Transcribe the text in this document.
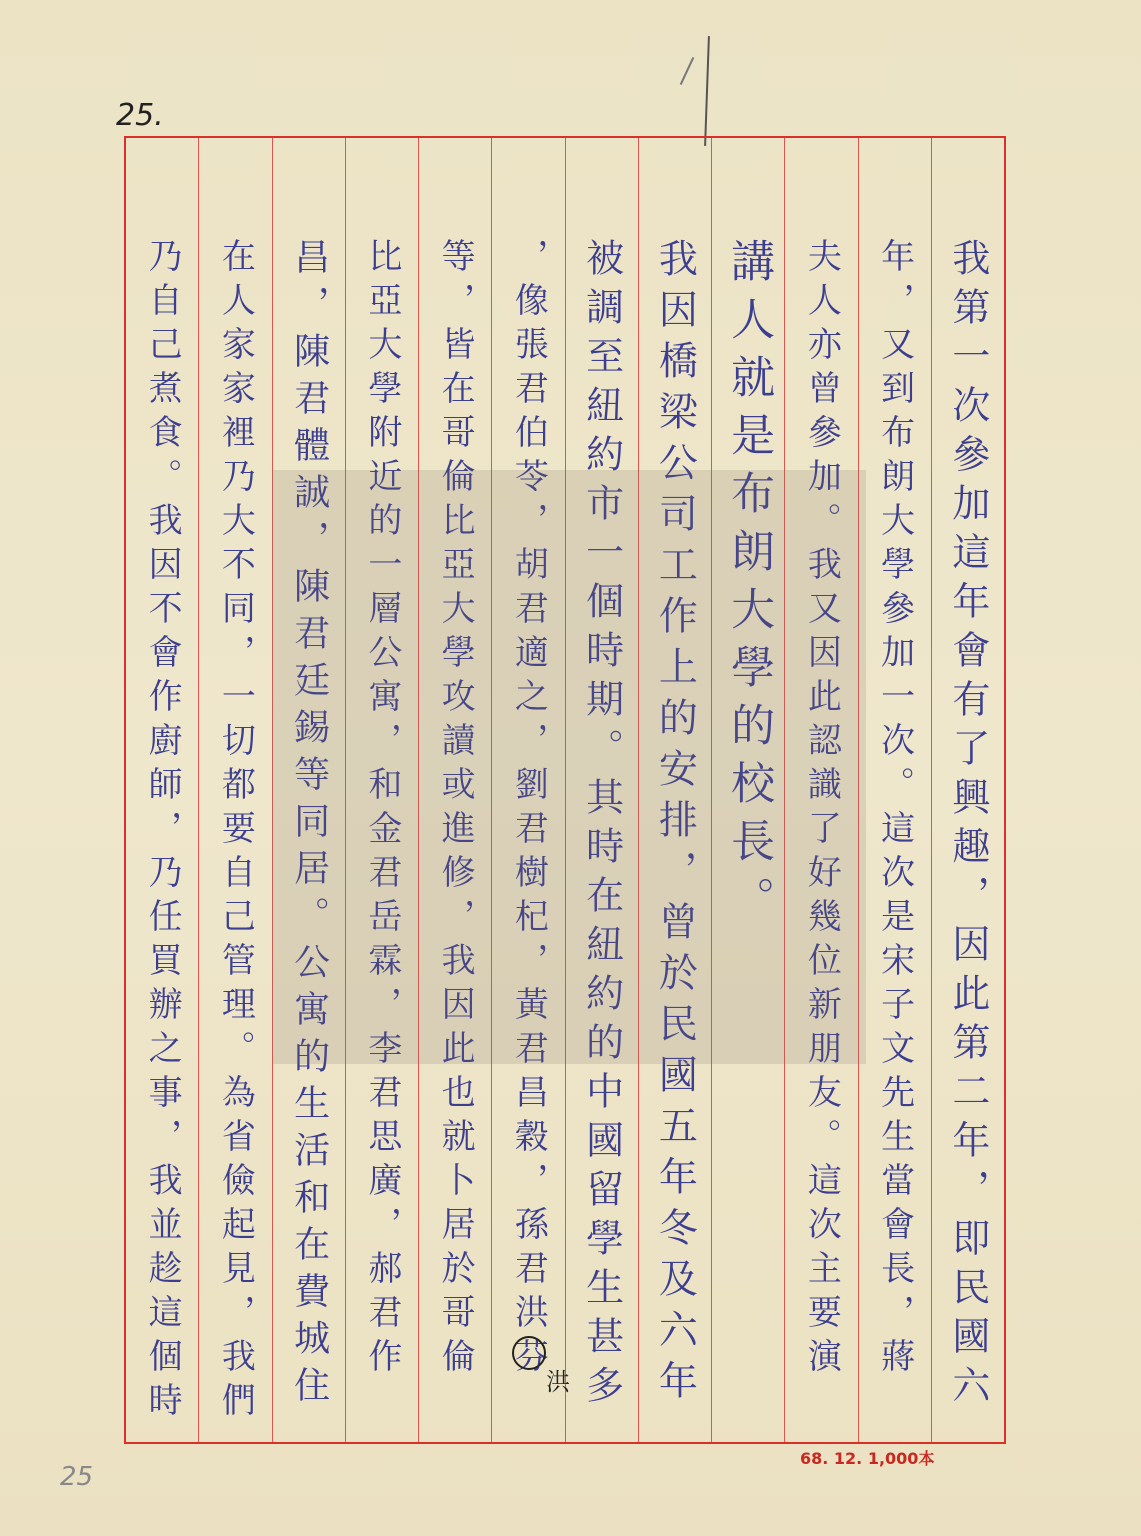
25.
我第一次參加這年會有了興趣，因此第二年，即民國六
年，又到布朗大學參加一次。這次是宋子文先生當會長，蔣
夫人亦曾參加。我又因此認識了好幾位新朋友。這次主要演
講人就是布朗大學的校長。
我因橋梁公司工作上的安排，曾於民國五年冬及六年
被調至紐約市一個時期。其時在紐約的中國留學生甚多
，像張君伯苓，胡君適之，劉君樹杞，黃君昌穀，孫君洪芬
等，皆在哥倫比亞大學攻讀或進修，我因此也就卜居於哥倫
比亞大學附近的一層公寓，和金君岳霖，李君思廣，郝君作
昌，陳君體誠，陳君廷錫等同居。公寓的生活和在費城住
在人家家裡乃大不同，一切都要自己管理。為省儉起見，我們
乃自己煮食。我因不會作廚師，乃任買辦之事，我並趁這個時	洪
68. 12. 1,000本
25
